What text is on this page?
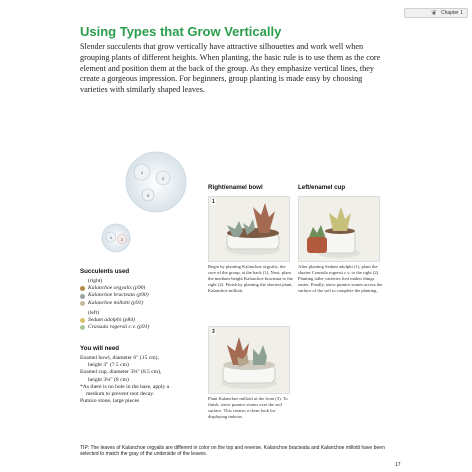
❦ Chapter 1
Using Types that Grow Vertically
Slender succulents that grow vertically have attractive silhouettes and work well when grouping plants of different heights. When planting, the basic rule is to use them as the core element and position them at the back of the group. As they emphasize vertical lines, they create a gorgeous impression. For beginners, group planting is made easy by choosing varieties with similarly shaped leaves.
1
2
3
1 2
Succulents used
(right)
Kalanchoe orgyalis (p90)
Kalanchoe bracteata (p90)
Kalanchoe millotti (p91)
(left)
Sedum adolphi (p84)
Crassula rogersii c.v. (p91)
You will need
Enamel bowl, diameter 6" (15 cm),
height 3" (7.5 cm)
Enamel cup, diameter 3⅜" (8.5 cm),
height 3⅛" (8 cm)
*As there is no hole in the base, apply a
medium to prevent root decay.
Pumice stone, large pieces
Right/enamel bowl
1
Begin by planting Kalanchoe orgyalis, the core of the group, at the back (1). Next, plant the medium-height Kalanchoe bracteata to the right (2). Finish by planting the shortest plant, Kalanchoe millotti.
3
Plant Kalanchoe millotti at the front (3). To finish, strew pumice stones over the soil surface. This creates a clean look for displaying indoors.
Left/enamel cup
After planting Sedum adolphi (1), plant the shorter Crassula rogersii c.v. to the right (2). Planting taller varieties first makes things easier. Finally, strew pumice stones across the surface of the soil to complete the planting.
TIP: The leaves of Kalanchoe orgyalis are different in color on the top and reverse. Kalanchoe bracteata and Kalanchoe millotti have been selected to match the gray of the underside of the leaves.
17
